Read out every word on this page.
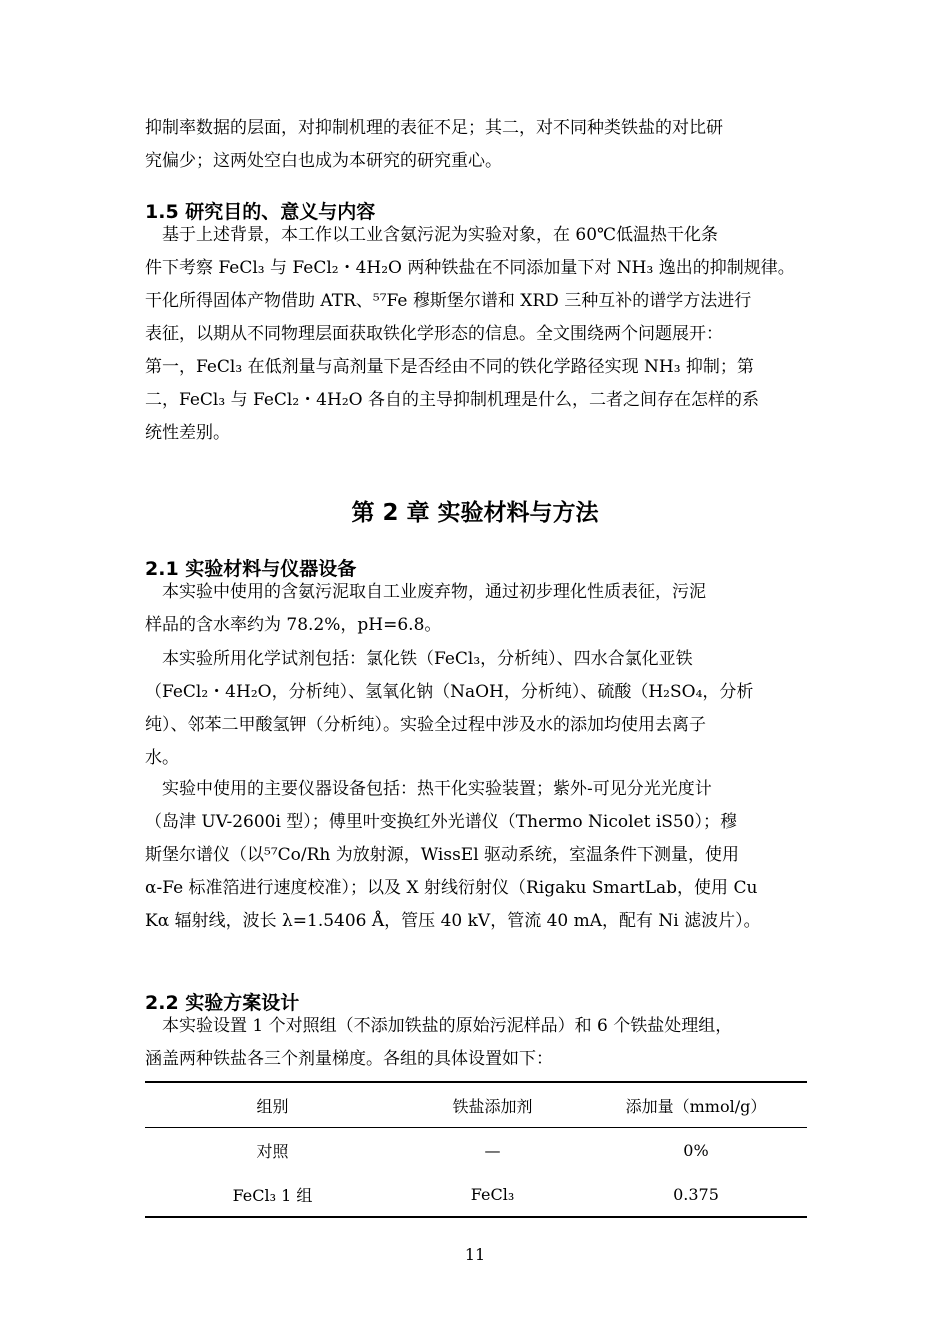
抑制率数据的层面，对抑制机理的表征不足；其二，对不同种类铁盐的对比研
究偏少；这两处空白也成为本研究的研究重心。
1.5 研究目的、意义与内容
　基于上述背景，本工作以工业含氨污泥为实验对象，在 60℃低温热干化条
件下考察 FeCl₃ 与 FeCl₂・4H₂O 两种铁盐在不同添加量下对 NH₃ 逸出的抑制规律。
干化所得固体产物借助 ATR、⁵⁷Fe 穆斯堡尔谱和 XRD 三种互补的谱学方法进行
表征，以期从不同物理层面获取铁化学形态的信息。全文围绕两个问题展开：
第一，FeCl₃ 在低剂量与高剂量下是否经由不同的铁化学路径实现 NH₃ 抑制；第
二，FeCl₃ 与 FeCl₂・4H₂O 各自的主导抑制机理是什么，二者之间存在怎样的系
统性差别。
第 2 章 实验材料与方法
2.1 实验材料与仪器设备
　本实验中使用的含氨污泥取自工业废弃物，通过初步理化性质表征，污泥
样品的含水率约为 78.2%，pH=6.8。
　本实验所用化学试剂包括：氯化铁（FeCl₃，分析纯）、四水合氯化亚铁
（FeCl₂・4H₂O，分析纯）、氢氧化钠（NaOH，分析纯）、硫酸（H₂SO₄，分析
纯）、邻苯二甲酸氢钾（分析纯）。实验全过程中涉及水的添加均使用去离子
水。
　实验中使用的主要仪器设备包括：热干化实验装置；紫外-可见分光光度计
（岛津 UV-2600i 型）；傅里叶变换红外光谱仪（Thermo Nicolet iS50）；穆
斯堡尔谱仪（以⁵⁷Co/Rh 为放射源，WissEl 驱动系统，室温条件下测量，使用
α-Fe 标准箔进行速度校准）；以及 X 射线衍射仪（Rigaku SmartLab，使用 Cu
Kα 辐射线，波长 λ=1.5406 Å，管压 40 kV，管流 40 mA，配有 Ni 滤波片）。
2.2 实验方案设计
　本实验设置 1 个对照组（不添加铁盐的原始污泥样品）和 6 个铁盐处理组，
涵盖两种铁盐各三个剂量梯度。各组的具体设置如下：
组别	铁盐添加剂	添加量（mmol/g）
对照	—	0%
FeCl₃ 1 组	FeCl₃	0.375
11
